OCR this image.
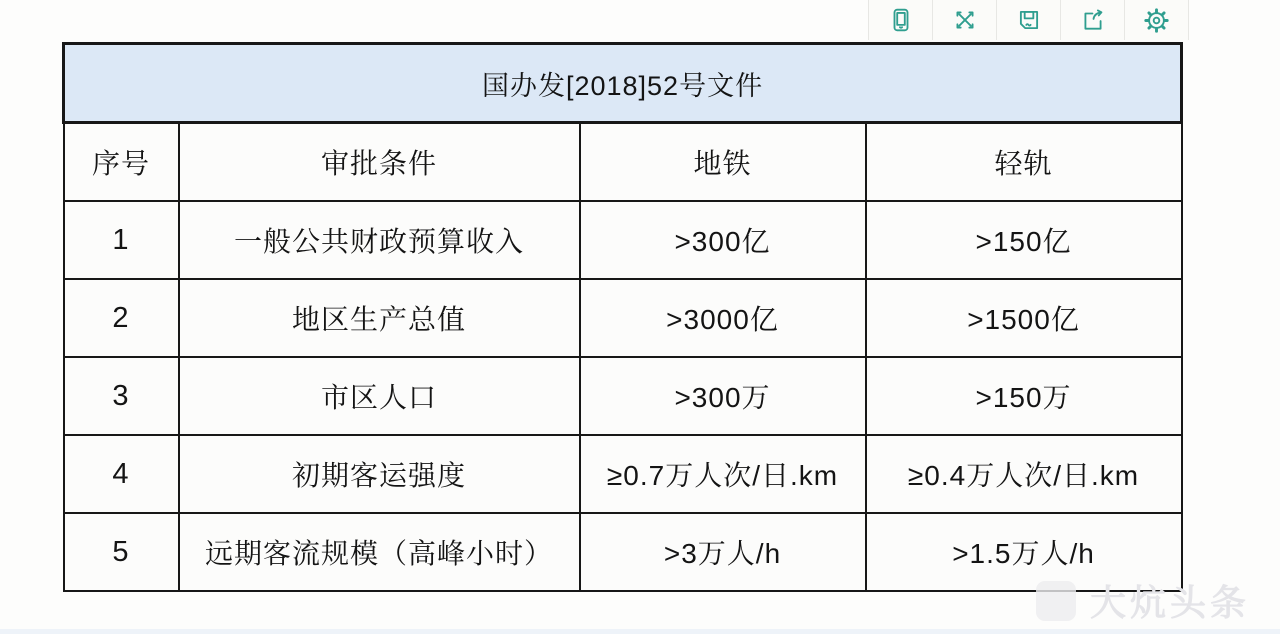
国办发[2018]52号文件			
序号	审批条件	地铁	轻轨
1	一般公共财政预算收入	>300亿	>150亿
2	地区生产总值	>3000亿	>1500亿
3	市区人口	>300万	>150万
4	初期客运强度	≥0.7万人次/日.km	≥0.4万人次/日.km
5	远期客流规模（高峰小时）	>3万人/h	>1.5万人/h
大炕头条
